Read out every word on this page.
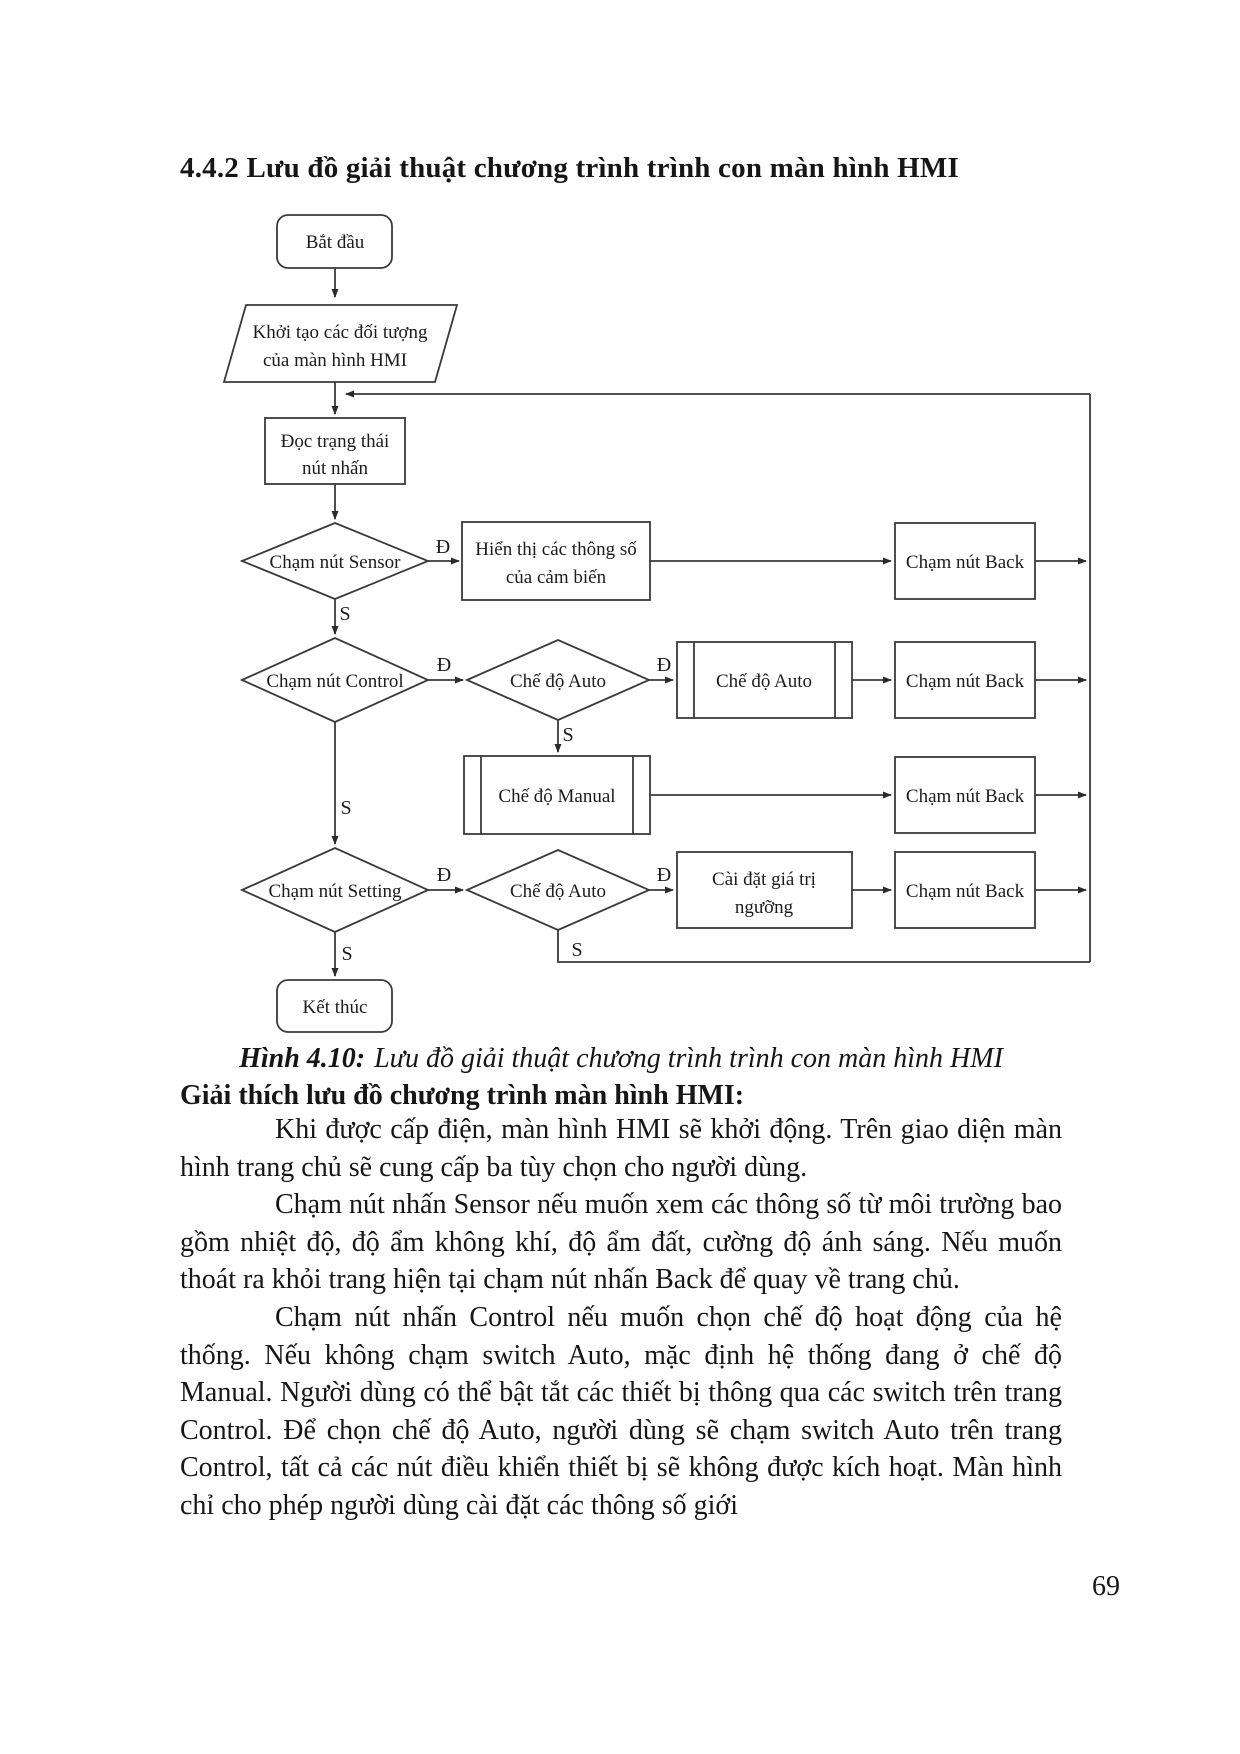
4.4.2 Lưu đồ giải thuật chương trình trình con màn hình HMI
Bắt đầu
Khởi tạo các đối tượng
của màn hình HMI
Đọc trạng thái
nút nhấn
Chạm nút Sensor
Hiển thị các thông số
của cảm biến
Chạm nút Back
Chạm nút Control	Chế độ Auto	Chế độ Auto	Chạm nút Back
Chế độ Manual	Chạm nút Back
Chạm nút Setting	Chế độ Auto
Cài đặt giá trị
ngưỡng
Chạm nút Back
Kết thúc
Đ
S
Đ	Đ
S
S
Đ	Đ
S	S

Hình 4.10: Lưu đồ giải thuật chương trình trình con màn hình HMI

Giải thích lưu đồ chương trình màn hình HMI:

Khi được cấp điện, màn hình HMI sẽ khởi động. Trên giao diện màn hình trang chủ sẽ cung cấp ba tùy chọn cho người dùng.

Chạm nút nhấn Sensor nếu muốn xem các thông số từ môi trường bao gồm nhiệt độ, độ ẩm không khí, độ ẩm đất, cường độ ánh sáng. Nếu muốn thoát ra khỏi trang hiện tại chạm nút nhấn Back để quay về trang chủ.

Chạm nút nhấn Control nếu muốn chọn chế độ hoạt động của hệ thống. Nếu không chạm switch Auto, mặc định hệ thống đang ở chế độ Manual. Người dùng có thể bật tắt các thiết bị thông qua các switch trên trang Control. Để chọn chế độ Auto, người dùng sẽ chạm switch Auto trên trang Control, tất cả các nút điều khiển thiết bị sẽ không được kích hoạt. Màn hình chỉ cho phép người dùng cài đặt các thông số giới

69
